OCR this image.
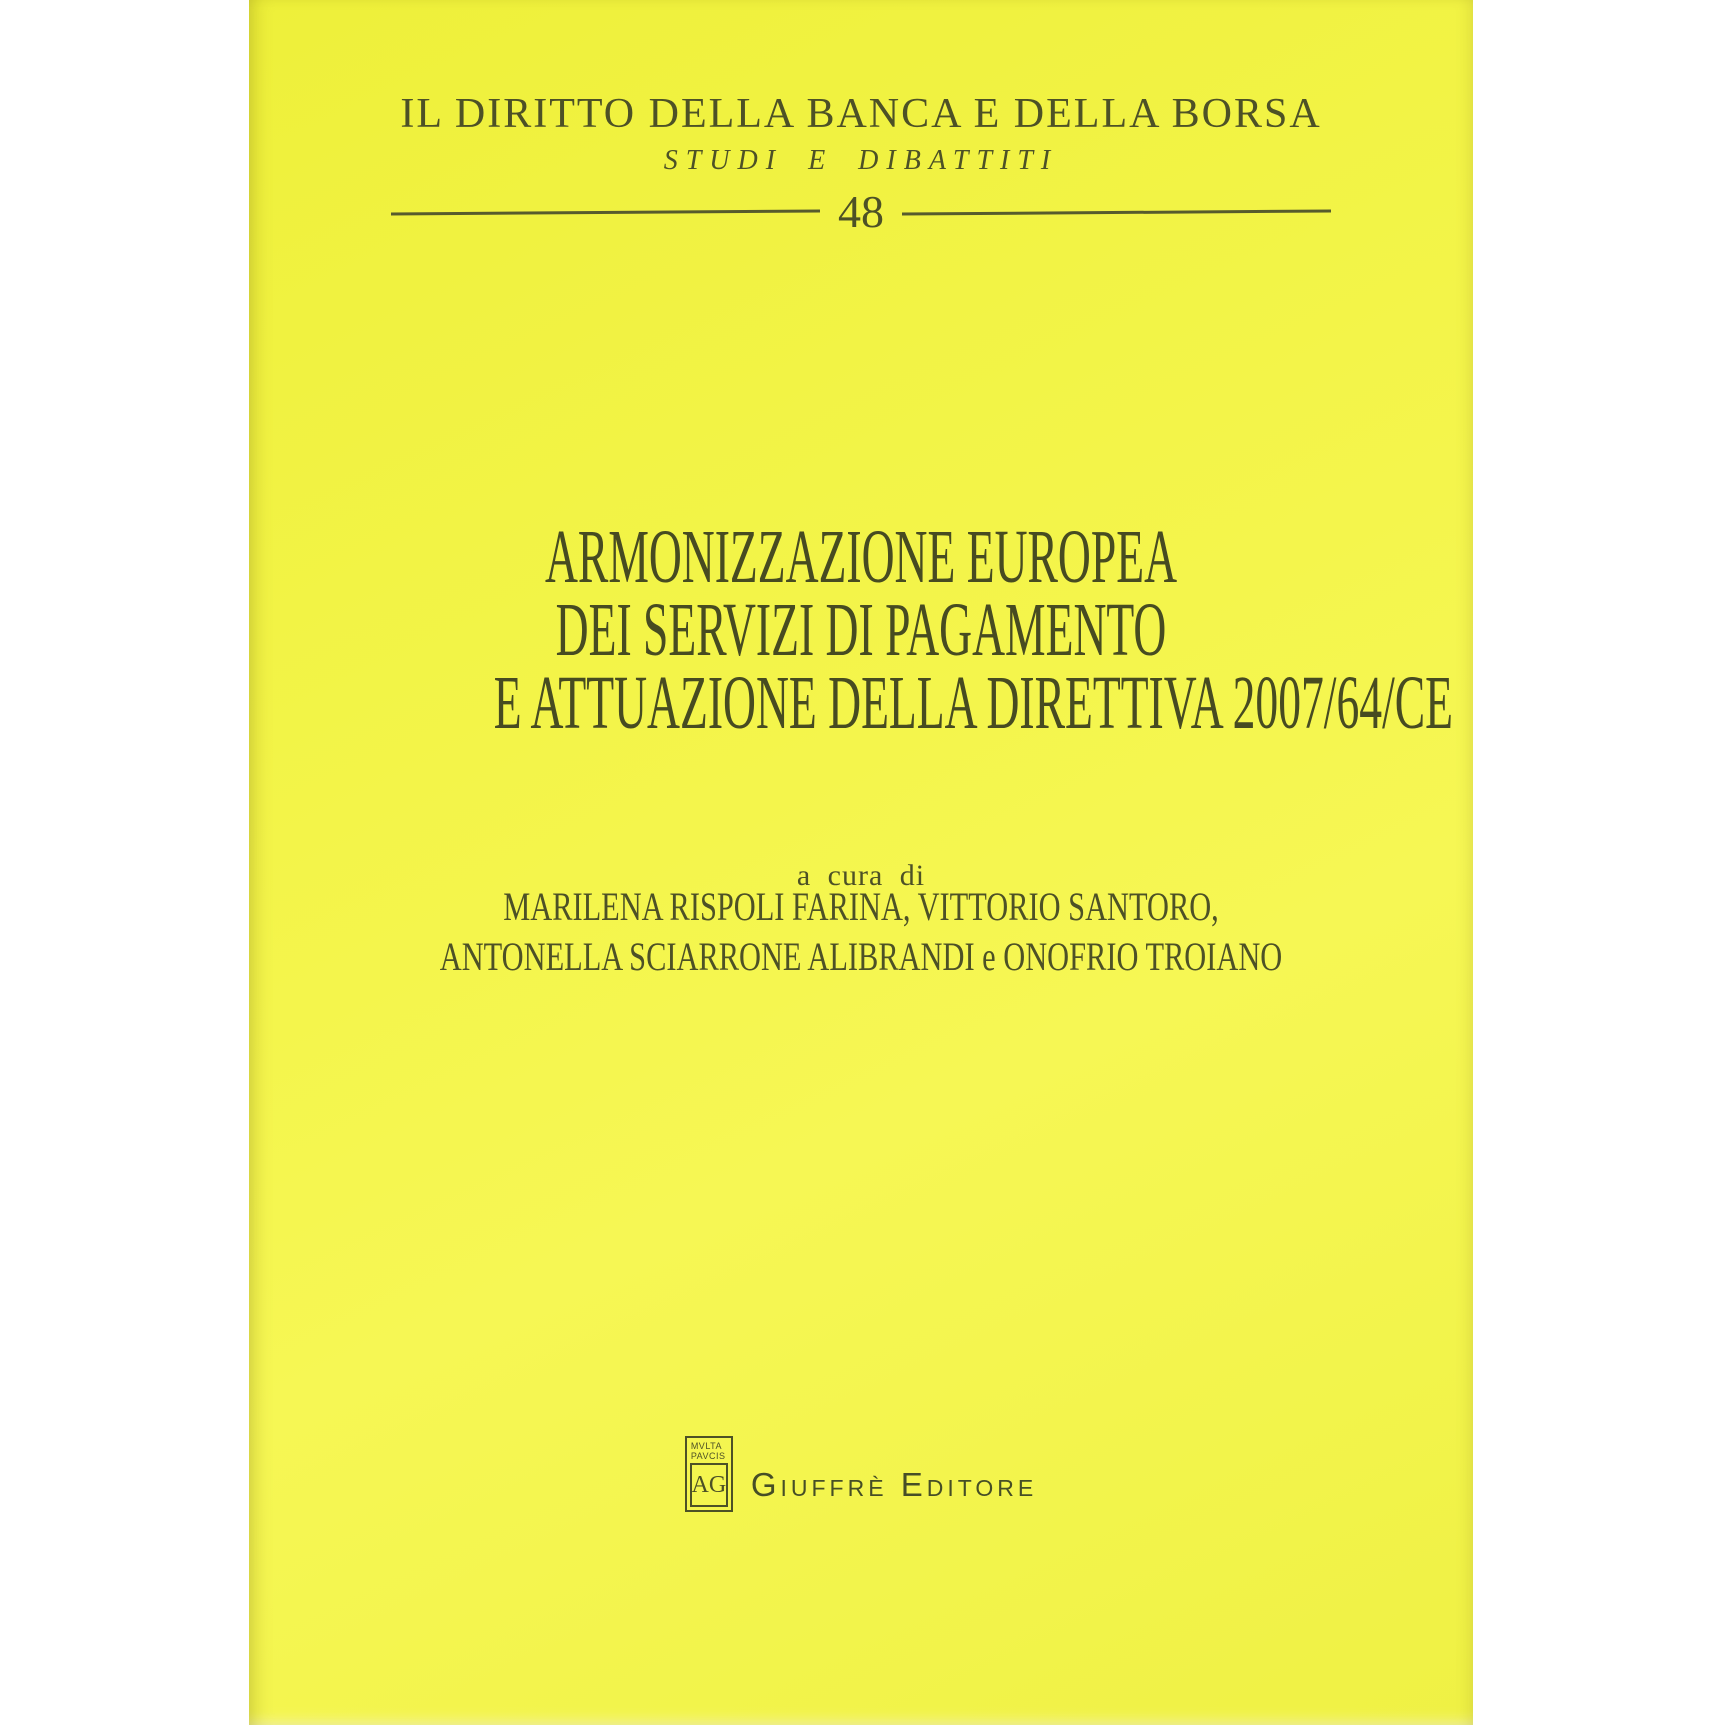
IL DIRITTO DELLA BANCA E DELLA BORSA
STUDI E DIBATTITI
48
ARMONIZZAZIONE EUROPEA
DEI SERVIZI DI PAGAMENTO
E ATTUAZIONE DELLA DIRETTIVA 2007/64/CE
a cura di
MARILENA RISPOLI FARINA, VITTORIO SANTORO,
ANTONELLA SCIARRONE ALIBRANDI e ONOFRIO TROIANO
MVLTA
PAVCIS
AG Giuffrè Editore
